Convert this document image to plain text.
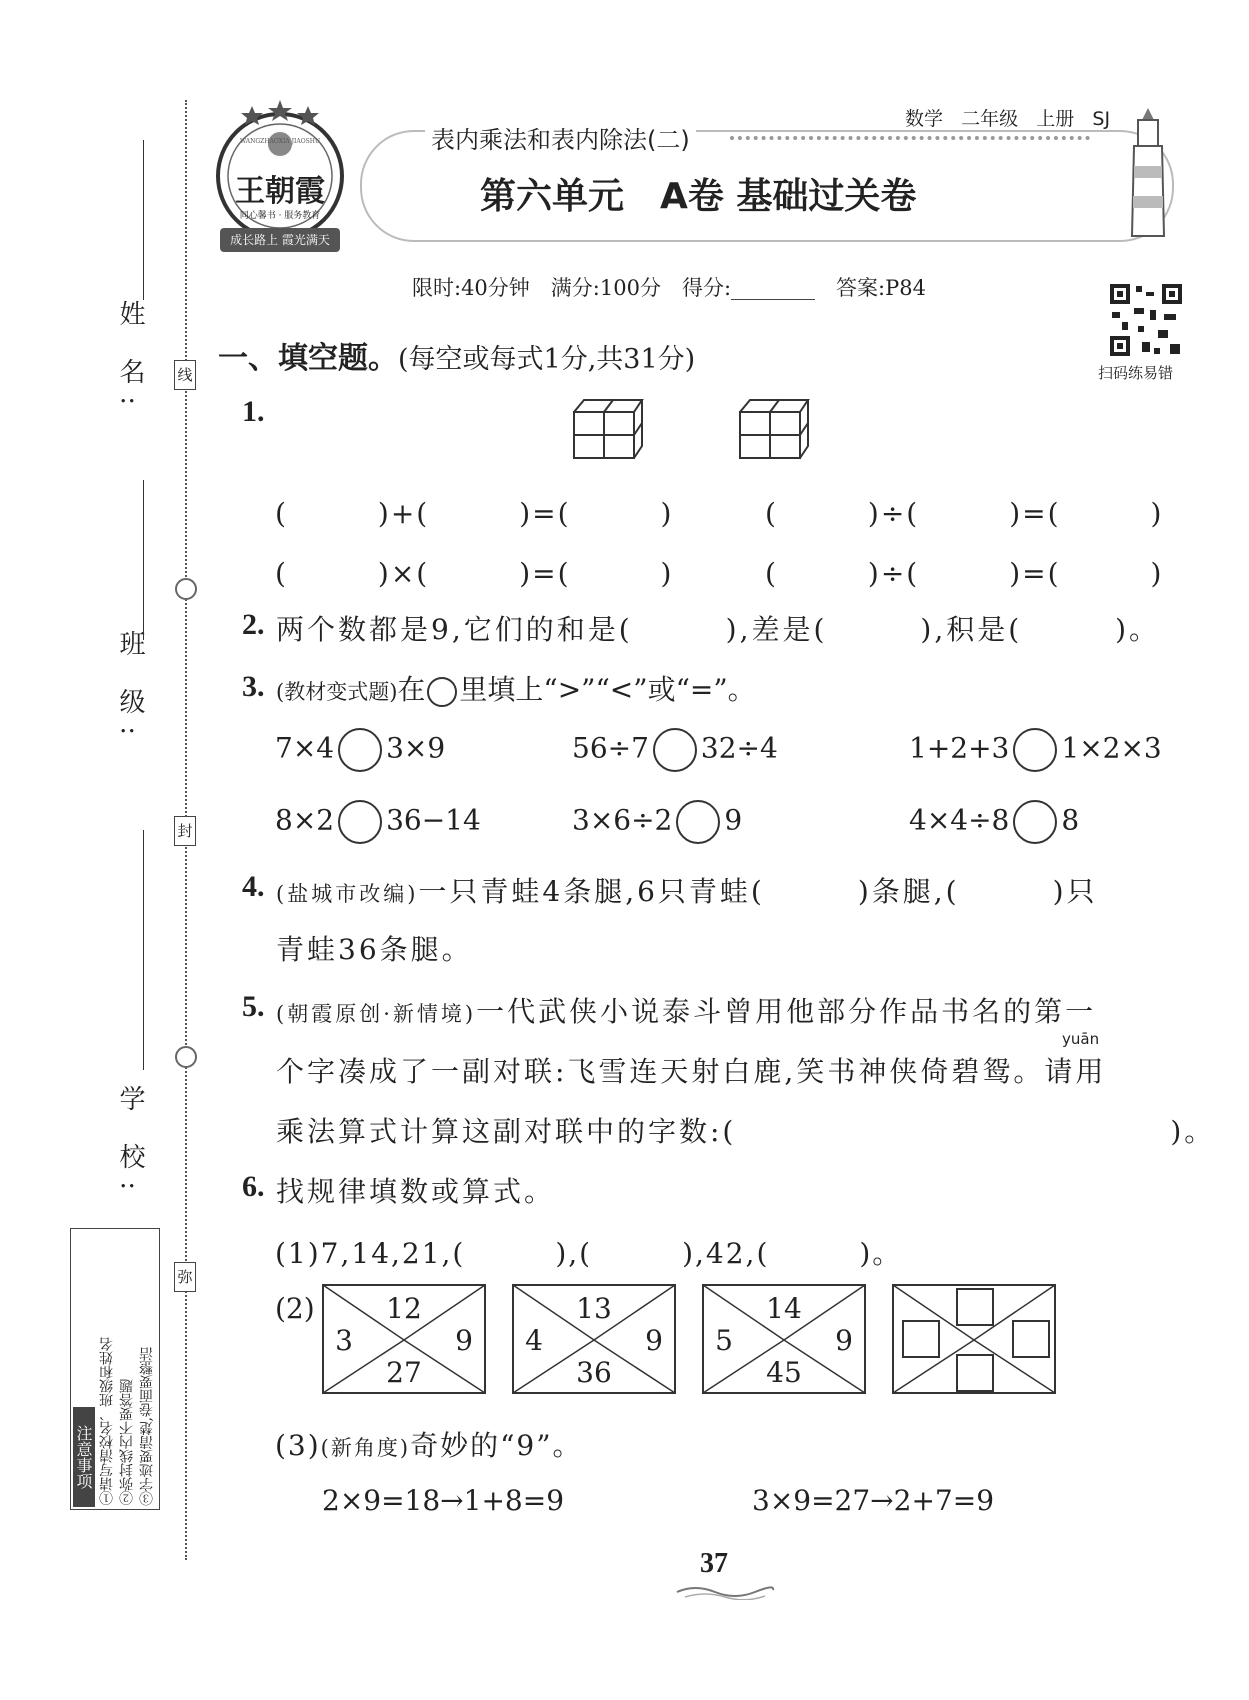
姓 名:
班 级:
学 校:
线
封
弥
注意事项 ①请写清校名、班级和姓名 ②弥封线内不要答题 ③字迹要清楚,卷面要整洁
王朝霞
WANGZHAOXIA JIAOSHU
同心馨书 · 服务教育
成长路上 霞光满天
数学 二年级 上册 SJ
表内乘法和表内除法(二)
第六单元　A卷 基础过关卷
限时:40分钟　满分:100分　得分:________　答案:P84
扫码练易错
一、填空题。(每空或每式1分,共31分)
1.
(　　　)+(　　　)=(　　　)	(　　　)÷(　　　)=(　　　)
(　　　)×(　　　)=(　　　)	(　　　)÷(　　　)=(　　　)
2. 两个数都是9,它们的和是(　　　),差是(　　　),积是(　　　)。
3. (教材变式题)在 里填上“>”“<”或“=”。
7×4 3×9	56÷7 32÷4	1+2+3 1×2×3
8×2 36−14	3×6÷2 9	4×4÷8 8
4. (盐城市改编)一只青蛙4条腿,6只青蛙(　　　)条腿,(　　　)只
青蛙36条腿。
5. (朝霞原创·新情境)一代武侠小说泰斗曾用他部分作品书名的第一
yuān
个字凑成了一副对联:飞雪连天射白鹿,笑书神侠倚碧鸳。请用
乘法算式计算这副对联中的字数:(　　　　　　　　　　　　　　)。
6. 找规律填数或算式。
(1)7,14,21,(　　　),(　　　),42,(　　　)。
(2)	12
3	9
27
13
4	9
36
14
5	9
45
(3)(新角度)奇妙的“9”。
2×9=18→1+8=9	3×9=27→2+7=9
37
